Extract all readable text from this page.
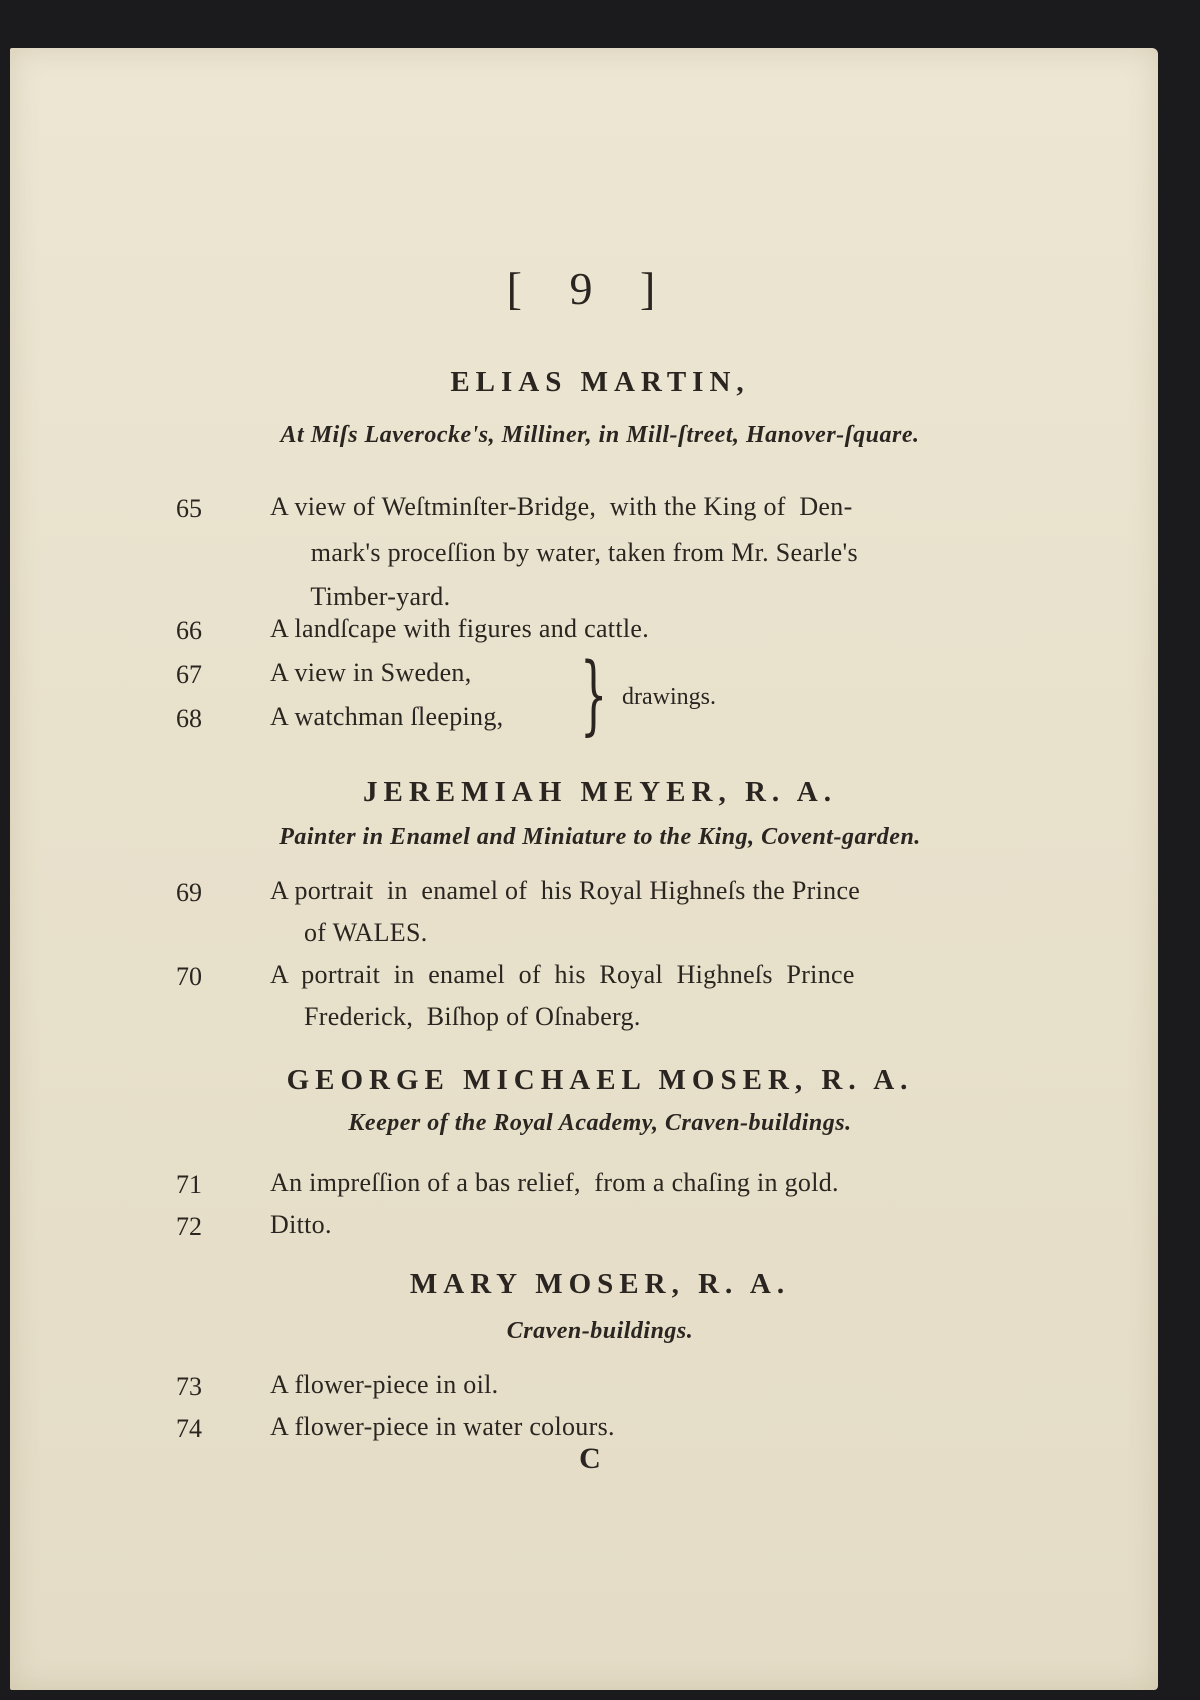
[ 9 ]
ELIAS MARTIN,
At Miſs Laverocke's, Milliner, in Mill-ſtreet, Hanover-ſquare.
65	A view of Weſtminſter-Bridge,  with the King of  Den-
mark's proceſſion by water, taken from Mr. Searle's
Timber-yard.
66	A landſcape with figures and cattle.
67	A view in Sweden,
68	A watchman ſleeping, } drawings.
JEREMIAH MEYER, R. A.
Painter in Enamel and Miniature to the King, Covent-garden.
69	A portrait  in  enamel of  his Royal Highneſs the Prince
of WALES.
70	A  portrait  in  enamel  of  his  Royal  Highneſs  Prince
Frederick,  Biſhop of Oſnaberg.
GEORGE MICHAEL MOSER, R. A.
Keeper of the Royal Academy, Craven-buildings.
71	An impreſſion of a bas relief,  from a chaſing in gold.
72	Ditto.
MARY MOSER, R. A.
Craven-buildings.
73	A flower-piece in oil.
74	A flower-piece in water colours.
C
